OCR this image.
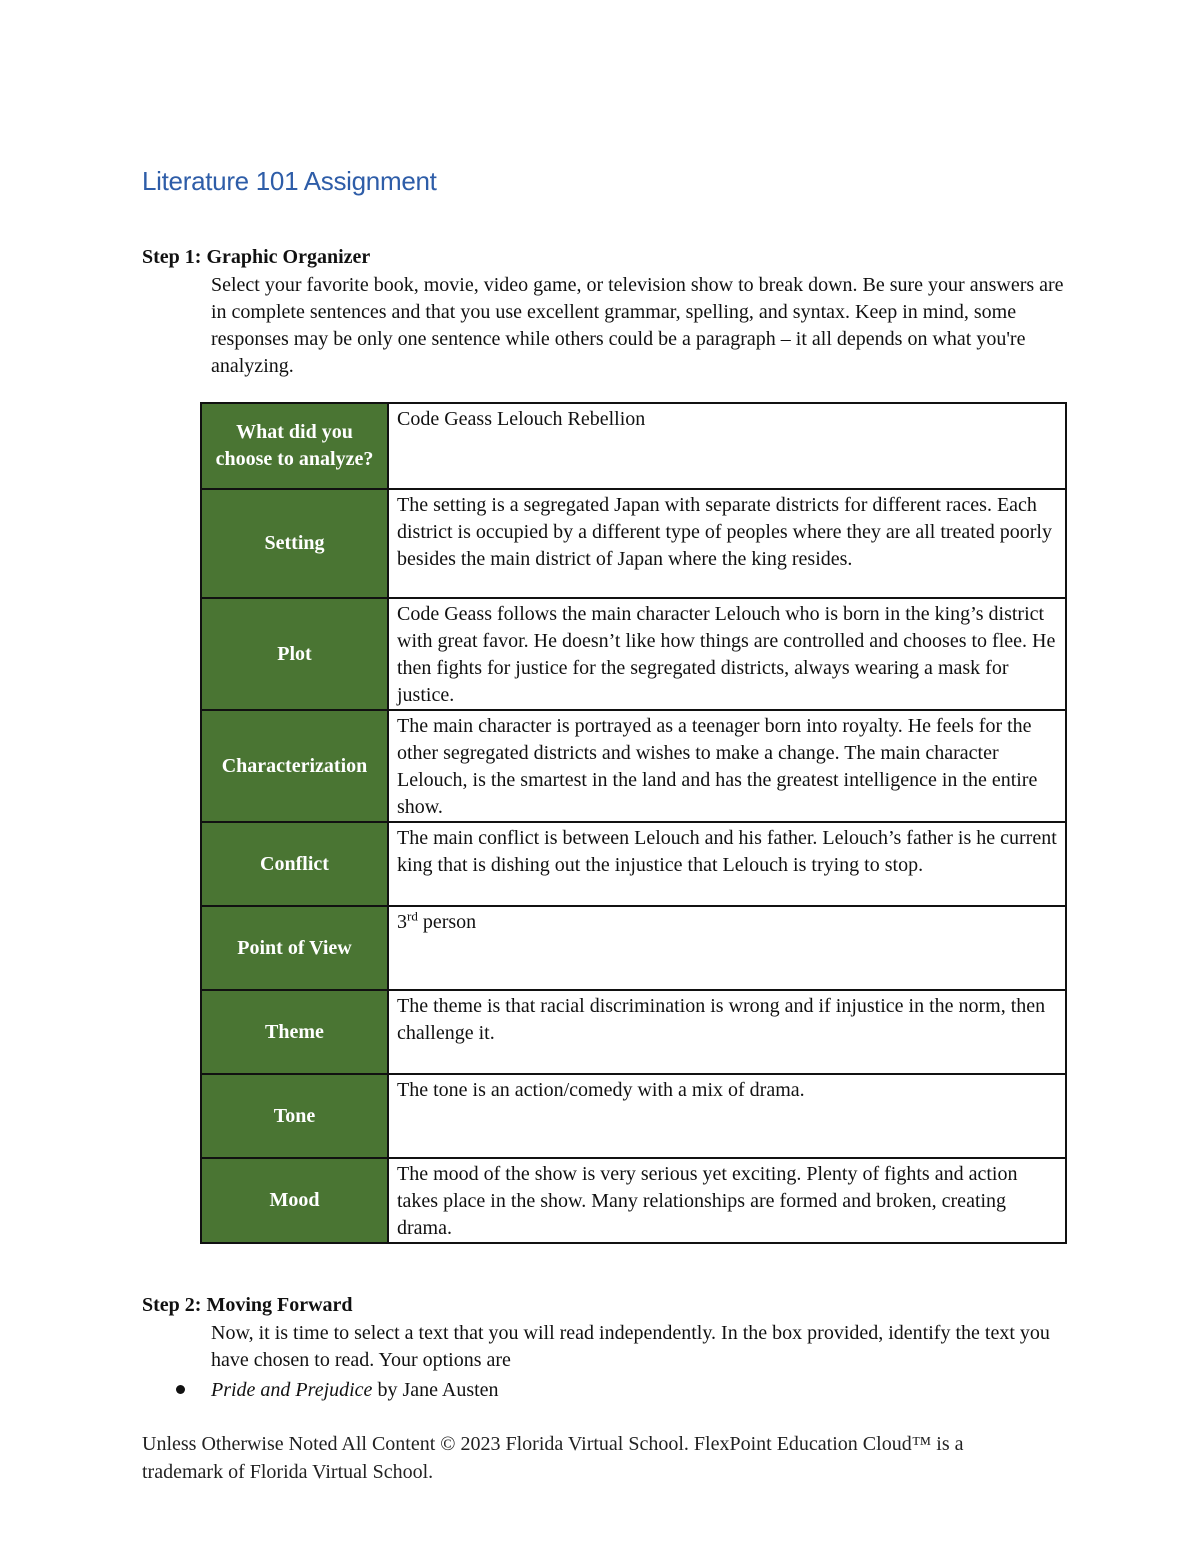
Literature 101 Assignment
Step 1: Graphic Organizer
Select your favorite book, movie, video game, or television show to break down. Be sure your answers are in complete sentences and that you use excellent grammar, spelling, and syntax. Keep in mind, some responses may be only one sentence while others could be a paragraph – it all depends on what you're analyzing.
What did you choose to analyze?	Code Geass Lelouch Rebellion
Setting	The setting is a segregated Japan with separate districts for different races. Each district is occupied by a different type of peoples where they are all treated poorly besides the main district of Japan where the king resides.
Plot	Code Geass follows the main character Lelouch who is born in the king’s district with great favor. He doesn’t like how things are controlled and chooses to flee. He then fights for justice for the segregated districts, always wearing a mask for justice.
Characterization	The main character is portrayed as a teenager born into royalty. He feels for the other segregated districts and wishes to make a change. The main character Lelouch, is the smartest in the land and has the greatest intelligence in the entire show.
Conflict	The main conflict is between Lelouch and his father. Lelouch’s father is he current king that is dishing out the injustice that Lelouch is trying to stop.
Point of View	3rd person
Theme	The theme is that racial discrimination is wrong and if injustice in the norm, then challenge it.
Tone	The tone is an action/comedy with a mix of drama.
Mood	The mood of the show is very serious yet exciting. Plenty of fights and action takes place in the show. Many relationships are formed and broken, creating drama.
Step 2: Moving Forward
Now, it is time to select a text that you will read independently. In the box provided, identify the text you have chosen to read. Your options are
Pride and Prejudice by Jane Austen
Unless Otherwise Noted All Content © 2023 Florida Virtual School. FlexPoint Education Cloud™ is a trademark of Florida Virtual School.
